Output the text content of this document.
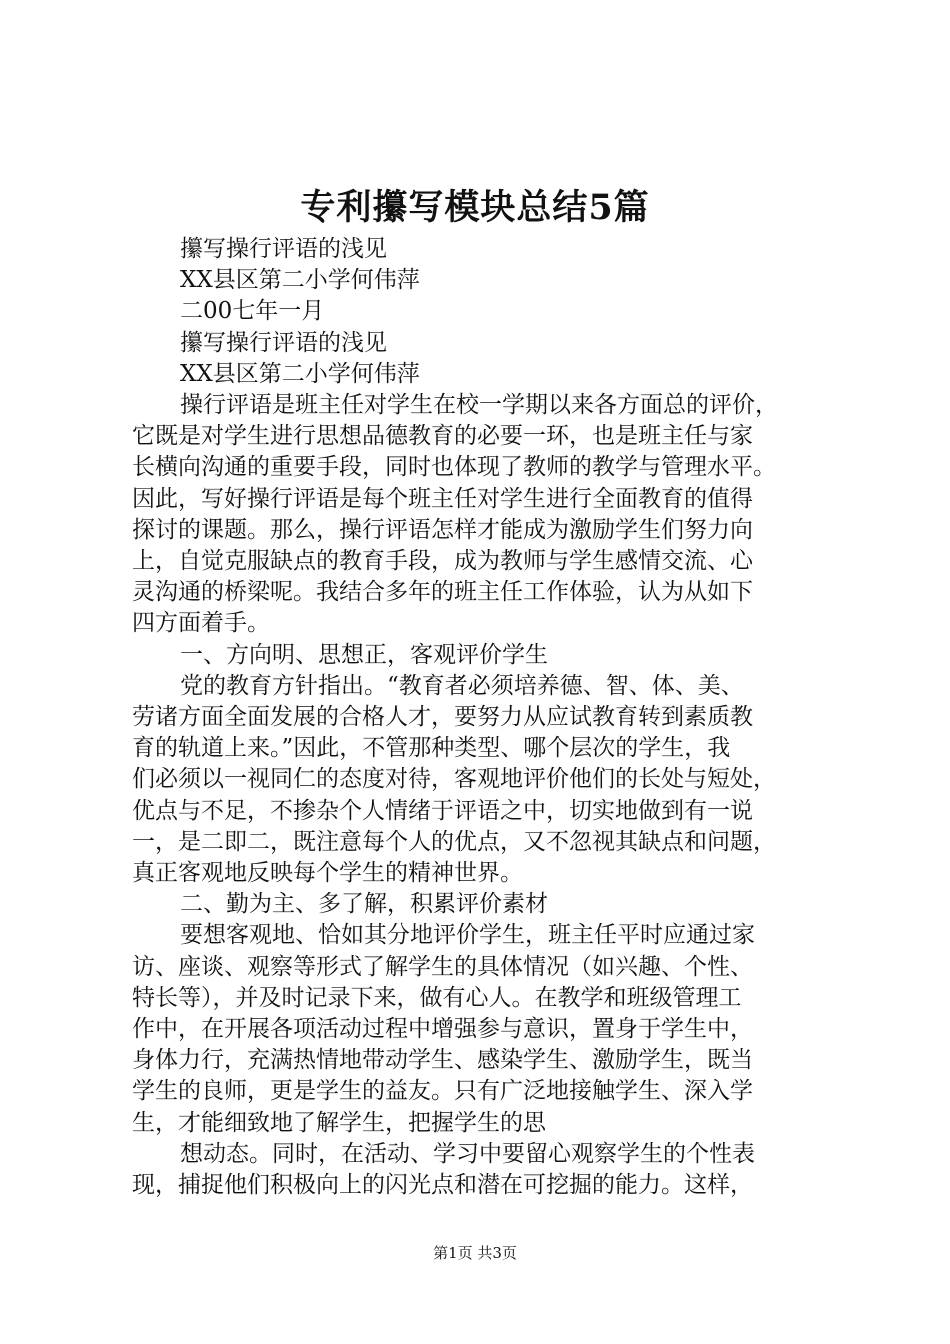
专利攥写模块总结5篇

攥写操行评语的浅见

XX县区第二小学何伟萍

二00七年一月

攥写操行评语的浅见

XX县区第二小学何伟萍

操行评语是班主任对学生在校一学期以来各方面总的评价，

它既是对学生进行思想品德教育的必要一环，也是班主任与家

长横向沟通的重要手段，同时也体现了教师的教学与管理水平。

因此，写好操行评语是每个班主任对学生进行全面教育的值得

探讨的课题。那么，操行评语怎样才能成为激励学生们努力向

上，自觉克服缺点的教育手段，成为教师与学生感情交流、心

灵沟通的桥梁呢。我结合多年的班主任工作体验，认为从如下

四方面着手。

一、方向明、思想正，客观评价学生

党的教育方针指出。“教育者必须培养德、智、体、美、

劳诸方面全面发展的合格人才，要努力从应试教育转到素质教

育的轨道上来。”因此，不管那种类型、哪个层次的学生，我

们必须以一视同仁的态度对待，客观地评价他们的长处与短处，

优点与不足，不掺杂个人情绪于评语之中，切实地做到有一说

一，是二即二，既注意每个人的优点，又不忽视其缺点和问题，

真正客观地反映每个学生的精神世界。

二、勤为主、多了解，积累评价素材

要想客观地、恰如其分地评价学生，班主任平时应通过家

访、座谈、观察等形式了解学生的具体情况（如兴趣、个性、

特长等），并及时记录下来，做有心人。在教学和班级管理工

作中，在开展各项活动过程中增强参与意识，置身于学生中，

身体力行，充满热情地带动学生、感染学生、激励学生，既当

学生的良师，更是学生的益友。只有广泛地接触学生、深入学

生，才能细致地了解学生，把握学生的思

想动态。同时，在活动、学习中要留心观察学生的个性表

现，捕捉他们积极向上的闪光点和潜在可挖掘的能力。这样，

第1页 共3页
